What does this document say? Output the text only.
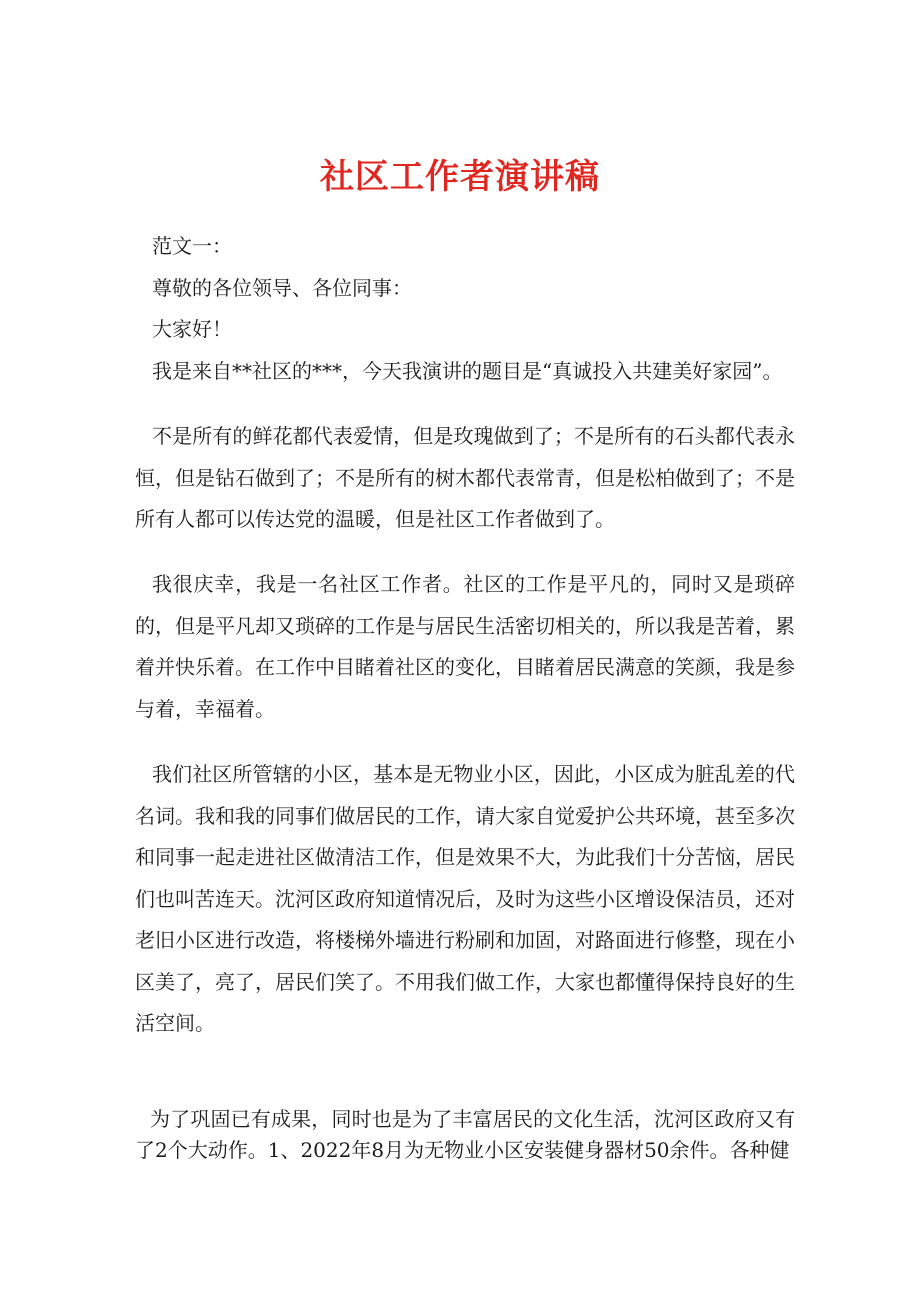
社区工作者演讲稿

范文一：

尊敬的各位领导、各位同事：

大家好！

我是来自**社区的***，今天我演讲的题目是“真诚投入共建美好家园”。

不是所有的鲜花都代表爱情，但是玫瑰做到了；不是所有的石头都代表永恒，但是钻石做到了；不是所有的树木都代表常青，但是松柏做到了；不是所有人都可以传达党的温暖，但是社区工作者做到了。

我很庆幸，我是一名社区工作者。社区的工作是平凡的，同时又是琐碎的，但是平凡却又琐碎的工作是与居民生活密切相关的，所以我是苦着，累着并快乐着。在工作中目睹着社区的变化，目睹着居民满意的笑颜，我是参与着，幸福着。

我们社区所管辖的小区，基本是无物业小区，因此，小区成为脏乱差的代名词。我和我的同事们做居民的工作，请大家自觉爱护公共环境，甚至多次和同事一起走进社区做清洁工作，但是效果不大，为此我们十分苦恼，居民们也叫苦连天。沈河区政府知道情况后，及时为这些小区增设保洁员，还对老旧小区进行改造，将楼梯外墙进行粉刷和加固，对路面进行修整，现在小区美了，亮了，居民们笑了。不用我们做工作，大家也都懂得保持良好的生活空间。

为了巩固已有成果，同时也是为了丰富居民的文化生活，沈河区政府又有了2个大动作。1、2022年8月为无物业小区安装健身器材50余件。各种健
